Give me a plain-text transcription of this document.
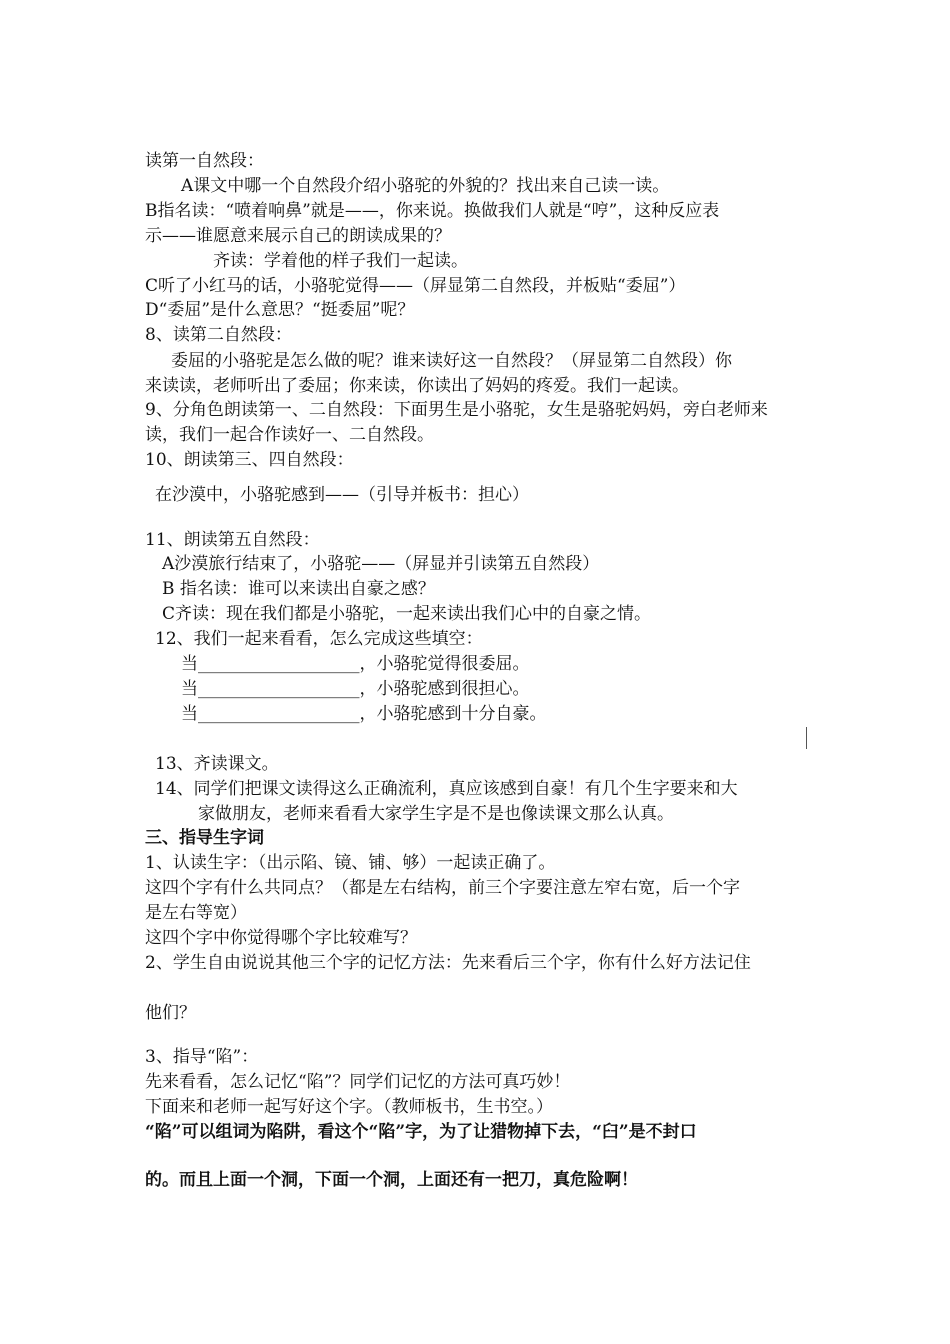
读第一自然段：
A课文中哪一个自然段介绍小骆驼的外貌的？找出来自己读一读。
B指名读：“喷着响鼻”就是——，你来说。换做我们人就是“哼”，这种反应表
示——谁愿意来展示自己的朗读成果的？
齐读：学着他的样子我们一起读。
C听了小红马的话，小骆驼觉得——（屏显第二自然段，并板贴“委屈”）
D“委屈”是什么意思？“挺委屈”呢？
8、读第二自然段：
委屈的小骆驼是怎么做的呢？谁来读好这一自然段？（屏显第二自然段）你
来读读，老师听出了委屈；你来读，你读出了妈妈的疼爱。我们一起读。
9、分角色朗读第一、二自然段：下面男生是小骆驼，女生是骆驼妈妈，旁白老师来
读，我们一起合作读好一、二自然段。
10、朗读第三、四自然段：
在沙漠中，小骆驼感到——（引导并板书：担心）
11、朗读第五自然段：
A沙漠旅行结束了，小骆驼——（屏显并引读第五自然段）
B 指名读：谁可以来读出自豪之感？
C齐读：现在我们都是小骆驼，一起来读出我们心中的自豪之情。
12、我们一起来看看，怎么完成这些填空：
当___________________，小骆驼觉得很委屈。
当___________________，小骆驼感到很担心。
当___________________，小骆驼感到十分自豪。
13、齐读课文。
14、同学们把课文读得这么正确流利，真应该感到自豪！有几个生字要来和大
家做朋友，老师来看看大家学生字是不是也像读课文那么认真。
三、指导生字词
1、认读生字：（出示陷、镜、铺、够）一起读正确了。
这四个字有什么共同点？（都是左右结构，前三个字要注意左窄右宽，后一个字
是左右等宽）
这四个字中你觉得哪个字比较难写？
2、学生自由说说其他三个字的记忆方法：先来看后三个字，你有什么好方法记住
他们？
3、指导“陷”：
先来看看，怎么记忆“陷”？同学们记忆的方法可真巧妙！
下面来和老师一起写好这个字。（教师板书，生书空。）
“陷”可以组词为陷阱，看这个“陷”字，为了让猎物掉下去，“臼”是不封口
的。而且上面一个洞，下面一个洞，上面还有一把刀，真危险啊！
